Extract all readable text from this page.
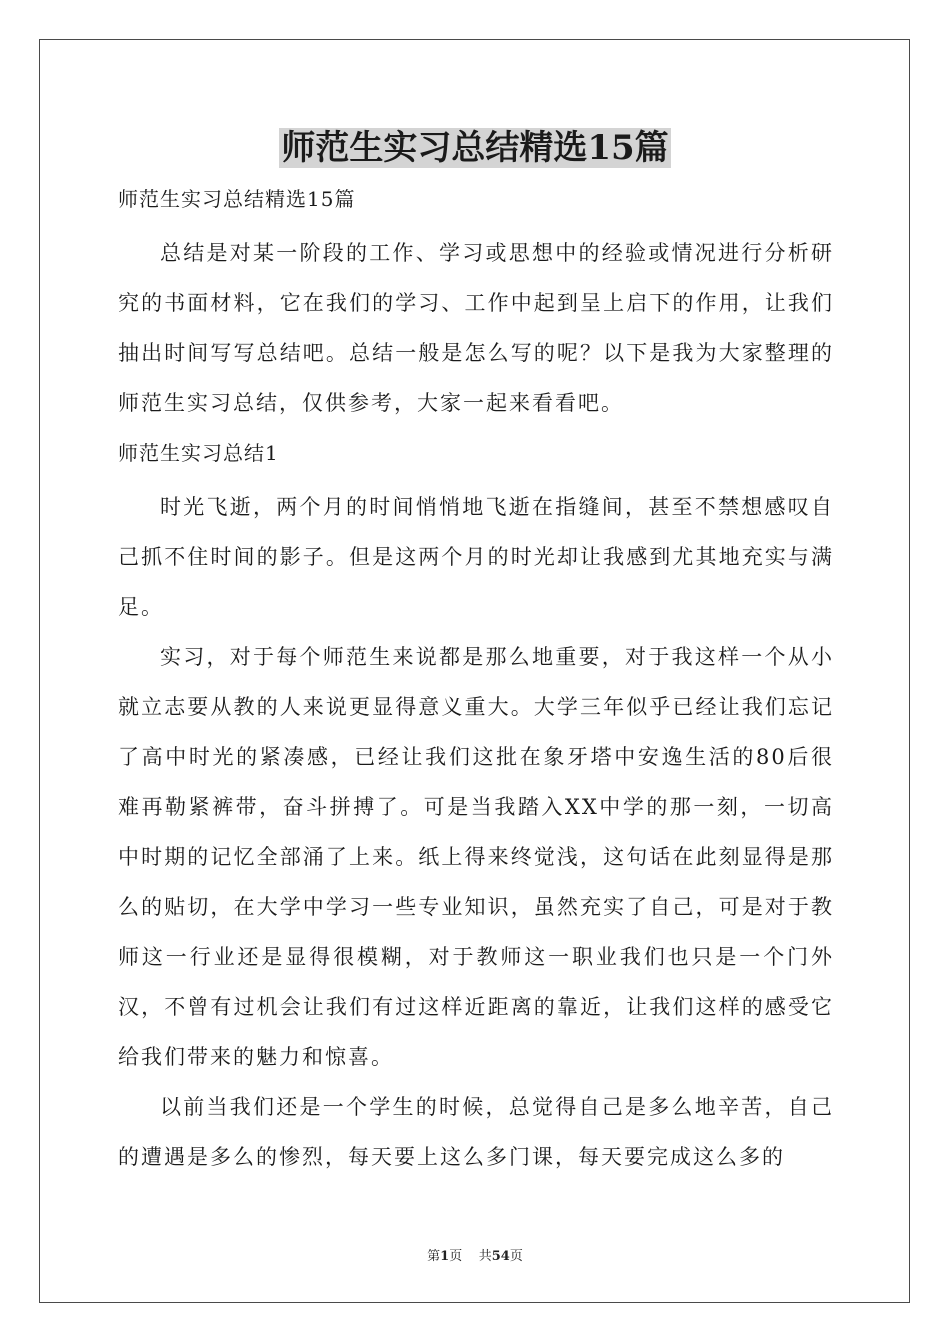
师范生实习总结精选15篇

师范生实习总结精选15篇

总结是对某一阶段的工作、学习或思想中的经验或情况进行分析研究的书面材料，它在我们的学习、工作中起到呈上启下的作用，让我们抽出时间写写总结吧。总结一般是怎么写的呢？以下是我为大家整理的师范生实习总结，仅供参考，大家一起来看看吧。

师范生实习总结1

时光飞逝，两个月的时间悄悄地飞逝在指缝间，甚至不禁想感叹自己抓不住时间的影子。但是这两个月的时光却让我感到尤其地充实与满足。

实习，对于每个师范生来说都是那么地重要，对于我这样一个从小就立志要从教的人来说更显得意义重大。大学三年似乎已经让我们忘记了高中时光的紧凑感，已经让我们这批在象牙塔中安逸生活的80后很难再勒紧裤带，奋斗拼搏了。可是当我踏入XX中学的那一刻，一切高中时期的记忆全部涌了上来。纸上得来终觉浅，这句话在此刻显得是那么的贴切，在大学中学习一些专业知识，虽然充实了自己，可是对于教师这一行业还是显得很模糊，对于教师这一职业我们也只是一个门外汉，不曾有过机会让我们有过这样近距离的靠近，让我们这样的感受它给我们带来的魅力和惊喜。

以前当我们还是一个学生的时候，总觉得自己是多么地辛苦，自己的遭遇是多么的惨烈，每天要上这么多门课，每天要完成这么多的

第1页 共54页
